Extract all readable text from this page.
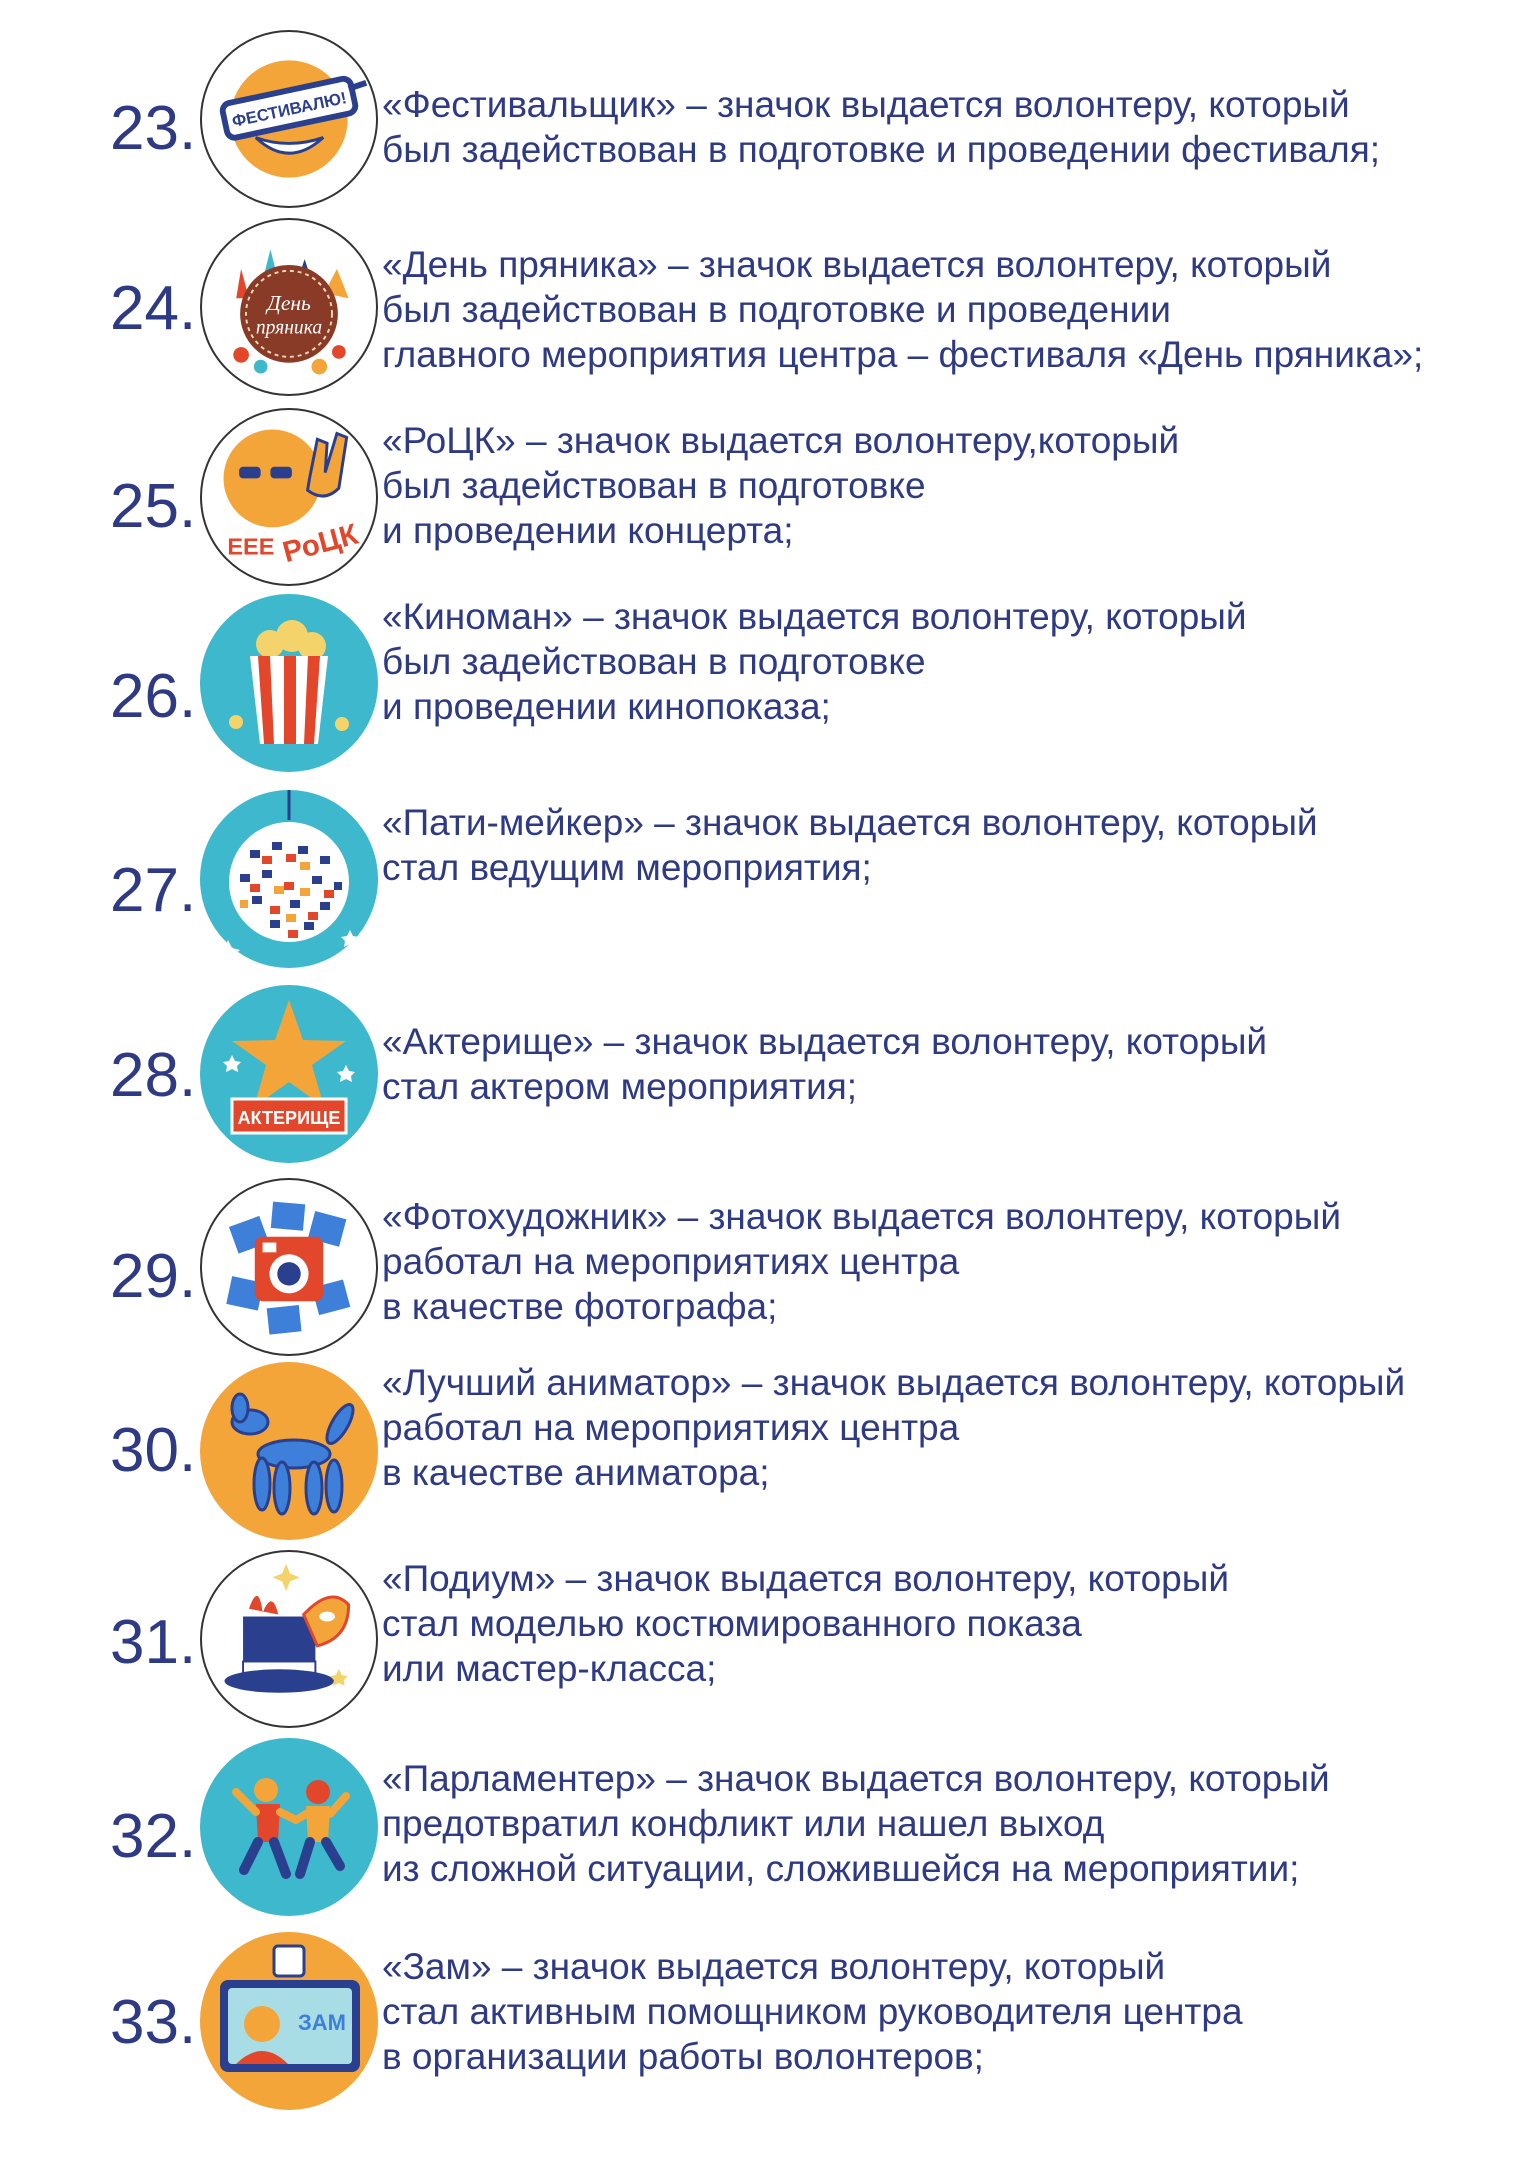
23. ФЕСТИВАЛЮ! «Фестивальщик» – значок выдается волонтеру, который
был задействован в подготовке и проведении фестиваля;
24.	День
пряника
«День пряника» – значок выдается волонтеру, который
был задействован в подготовке и проведении
главного мероприятия центра – фестиваля «День пряника»;
25.
EEE РоЦК
«РоЦК» – значок выдается волонтеру,который
был задействован в подготовке
и проведении концерта;
26.
«Киноман» – значок выдается волонтеру, который
был задействован в подготовке
и проведении кинопоказа;
27.
«Пати-мейкер» – значок выдается волонтеру, который
стал ведущим мероприятия;
28.
АКТЕРИЩЕ
«Актерище» – значок выдается волонтеру, который
стал актером мероприятия;
29.
«Фотохудожник» – значок выдается волонтеру, который
работал на мероприятиях центра
в качестве фотографа;
30.
«Лучший аниматор» – значок выдается волонтеру, который
работал на мероприятиях центра
в качестве аниматора;
31.
«Подиум» – значок выдается волонтеру, который
стал моделью костюмированного показа
или мастер-класса;
32.
«Парламентер» – значок выдается волонтеру, который
предотвратил конфликт или нашел выход
из сложной ситуации, сложившейся на мероприятии;
33.	ЗАМ
«Зам» – значок выдается волонтеру, который
стал активным помощником руководителя центра
в организации работы волонтеров;
